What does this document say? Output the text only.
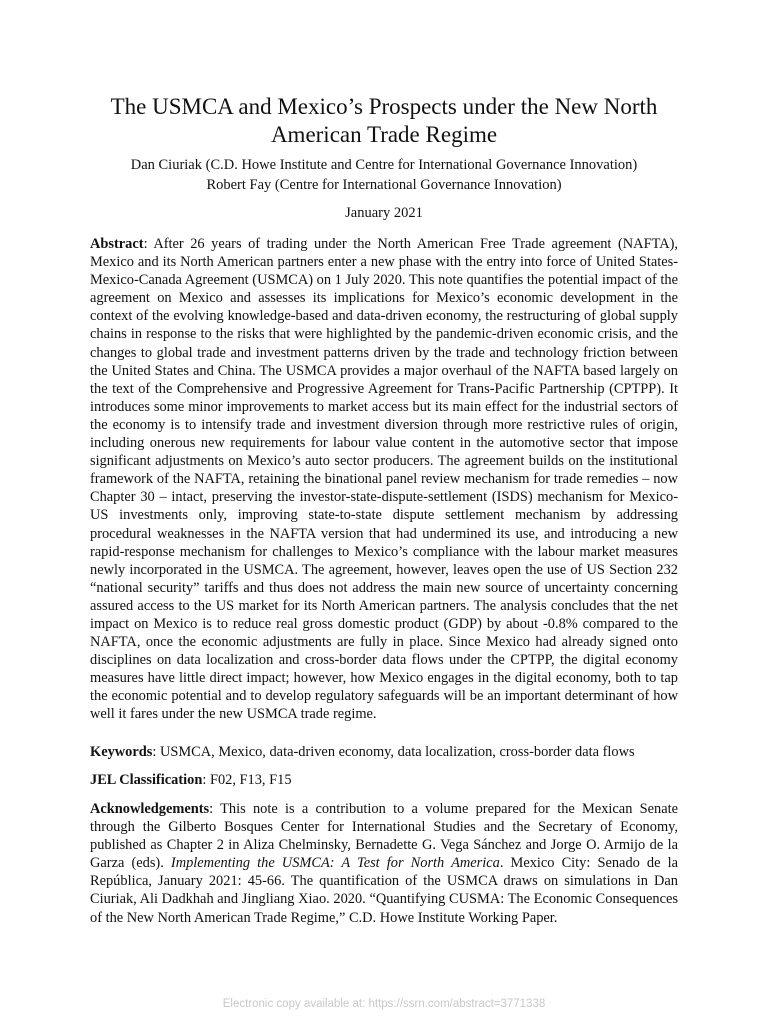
The USMCA and Mexico’s Prospects under the New North
American Trade Regime

Dan Ciuriak (C.D. Howe Institute and Centre for International Governance Innovation)

Robert Fay (Centre for International Governance Innovation)

January 2021

Abstract: After 26 years of trading under the North American Free Trade agreement (NAFTA), Mexico and its North American partners enter a new phase with the entry into force of United States-Mexico-Canada Agreement (USMCA) on 1 July 2020. This note quantifies the potential impact of the agreement on Mexico and assesses its implications for Mexico’s economic development in the context of the evolving knowledge-based and data-driven economy, the restructuring of global supply chains in response to the risks that were highlighted by the pandemic-driven economic crisis, and the changes to global trade and investment patterns driven by the trade and technology friction between the United States and China. The USMCA provides a major overhaul of the NAFTA based largely on the text of the Comprehensive and Progressive Agreement for Trans-Pacific Partnership (CPTPP). It introduces some minor improvements to market access but its main effect for the industrial sectors of the economy is to intensify trade and investment diversion through more restrictive rules of origin, including onerous new requirements for labour value content in the automotive sector that impose significant adjustments on Mexico’s auto sector producers. The agreement builds on the institutional framework of the NAFTA, retaining the binational panel review mechanism for trade remedies – now Chapter 30 – intact, preserving the investor-state-dispute-settlement (ISDS) mechanism for Mexico-US investments only, improving state-to-state dispute settlement mechanism by addressing procedural weaknesses in the NAFTA version that had undermined its use, and introducing a new rapid-response mechanism for challenges to Mexico’s compliance with the labour market measures newly incorporated in the USMCA. The agreement, however, leaves open the use of US Section 232 “national security” tariffs and thus does not address the main new source of uncertainty concerning assured access to the US market for its North American partners. The analysis concludes that the net impact on Mexico is to reduce real gross domestic product (GDP) by about -0.8% compared to the NAFTA, once the economic adjustments are fully in place. Since Mexico had already signed onto disciplines on data localization and cross-border data flows under the CPTPP, the digital economy measures have little direct impact; however, how Mexico engages in the digital economy, both to tap the economic potential and to develop regulatory safeguards will be an important determinant of how well it fares under the new USMCA trade regime.

Keywords: USMCA, Mexico, data-driven economy, data localization, cross-border data flows

JEL Classification: F02, F13, F15

Acknowledgements: This note is a contribution to a volume prepared for the Mexican Senate through the Gilberto Bosques Center for International Studies and the Secretary of Economy, published as Chapter 2 in Aliza Chelminsky, Bernadette G. Vega Sánchez and Jorge O. Armijo de la Garza (eds). Implementing the USMCA: A Test for North America. Mexico City: Senado de la República, January 2021: 45-66. The quantification of the USMCA draws on simulations in Dan Ciuriak, Ali Dadkhah and Jingliang Xiao. 2020. “Quantifying CUSMA: The Economic Consequences of the New North American Trade Regime,” C.D. Howe Institute Working Paper.

Electronic copy available at: https://ssrn.com/abstract=3771338
